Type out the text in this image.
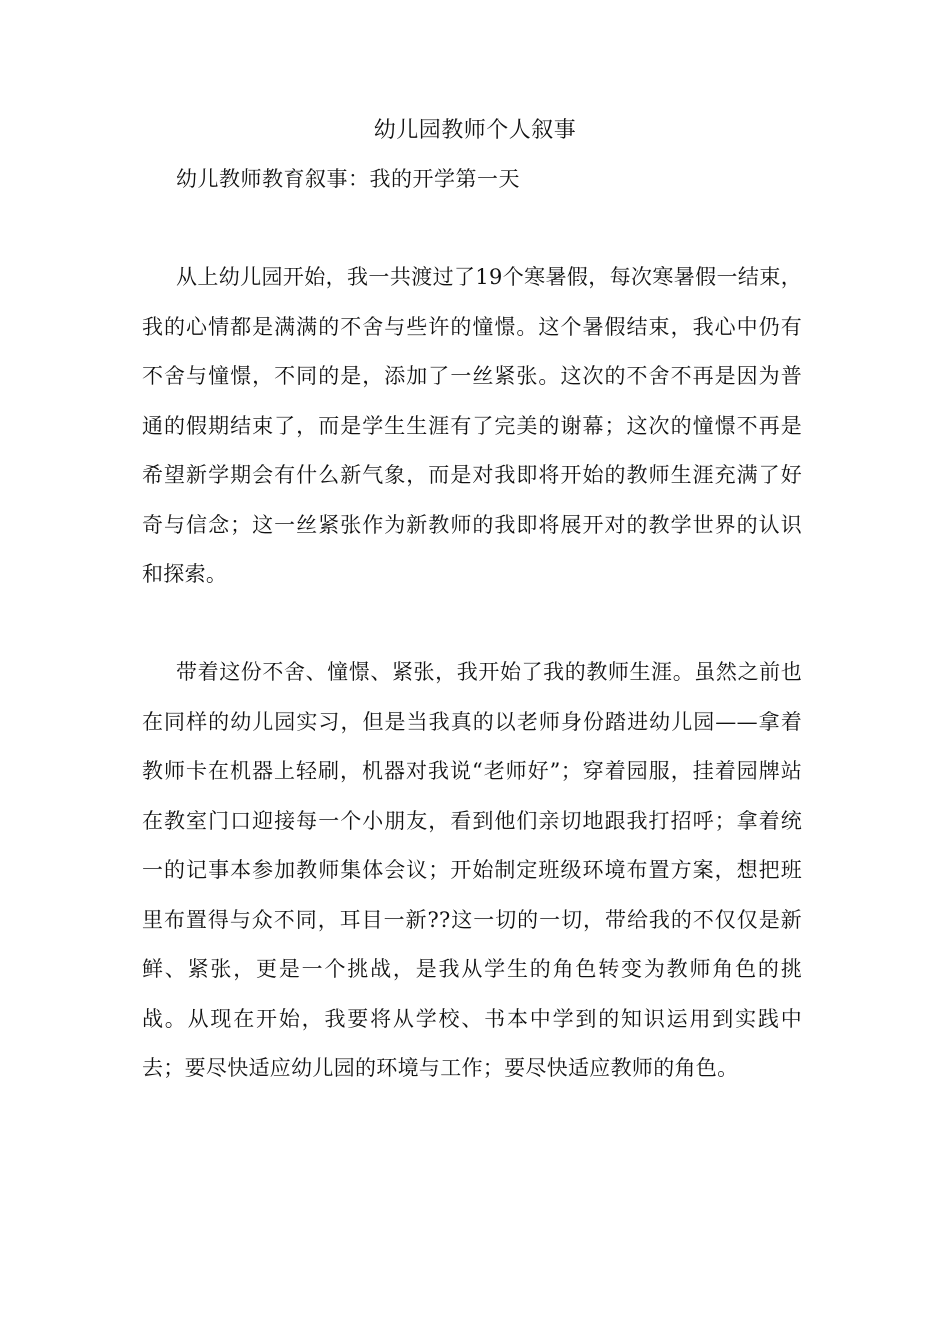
幼儿园教师个人叙事
幼儿教师教育叙事：我的开学第一天

从上幼儿园开始，我一共渡过了19个寒暑假，每次寒暑假一结束，我的心情都是满满的不舍与些许的憧憬。这个暑假结束，我心中仍有不舍与憧憬，不同的是，添加了一丝紧张。这次的不舍不再是因为普通的假期结束了，而是学生生涯有了完美的谢幕；这次的憧憬不再是希望新学期会有什么新气象，而是对我即将开始的教师生涯充满了好奇与信念；这一丝紧张作为新教师的我即将展开对的教学世界的认识和探索。

带着这份不舍、憧憬、紧张，我开始了我的教师生涯。虽然之前也在同样的幼儿园实习，但是当我真的以老师身份踏进幼儿园——拿着教师卡在机器上轻刷，机器对我说“老师好”；穿着园服，挂着园牌站在教室门口迎接每一个小朋友，看到他们亲切地跟我打招呼；拿着统一的记事本参加教师集体会议；开始制定班级环境布置方案，想把班里布置得与众不同，耳目一新??这一切的一切，带给我的不仅仅是新鲜、紧张，更是一个挑战，是我从学生的角色转变为教师角色的挑战。从现在开始，我要将从学校、书本中学到的知识运用到实践中去；要尽快适应幼儿园的环境与工作；要尽快适应教师的角色。
